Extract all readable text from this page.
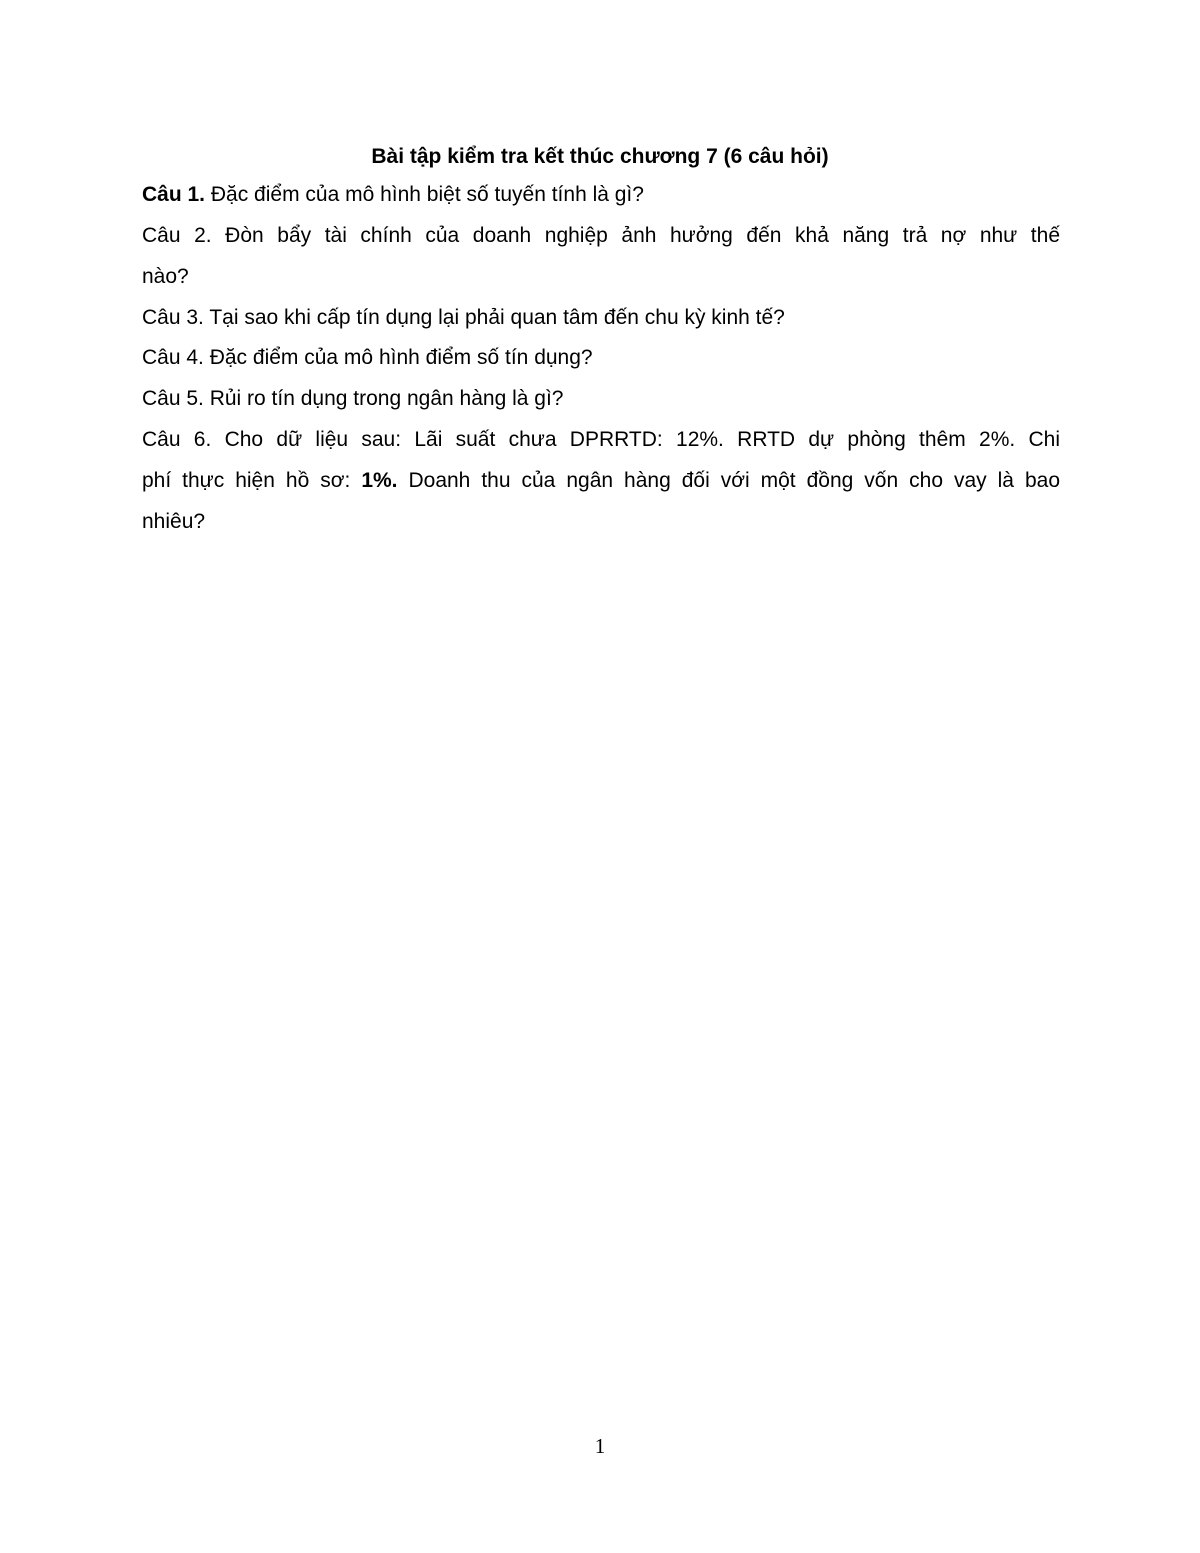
Bài tập kiểm tra kết thúc chương 7 (6 câu hỏi)

Câu 1. Đặc điểm của mô hình biệt số tuyến tính là gì?

Câu 2. Đòn bẩy tài chính của doanh nghiệp ảnh hưởng đến khả năng trả nợ như thế
nào?

Câu 3. Tại sao khi cấp tín dụng lại phải quan tâm đến chu kỳ kinh tế?

Câu 4. Đặc điểm của mô hình điểm số tín dụng?

Câu 5. Rủi ro tín dụng trong ngân hàng là gì?

Câu 6. Cho dữ liệu sau: Lãi suất chưa DPRRTD: 12%. RRTD dự phòng thêm 2%. Chi
phí thực hiện hồ sơ: 1%. Doanh thu của ngân hàng đối với một đồng vốn cho vay là bao
nhiêu?

1
